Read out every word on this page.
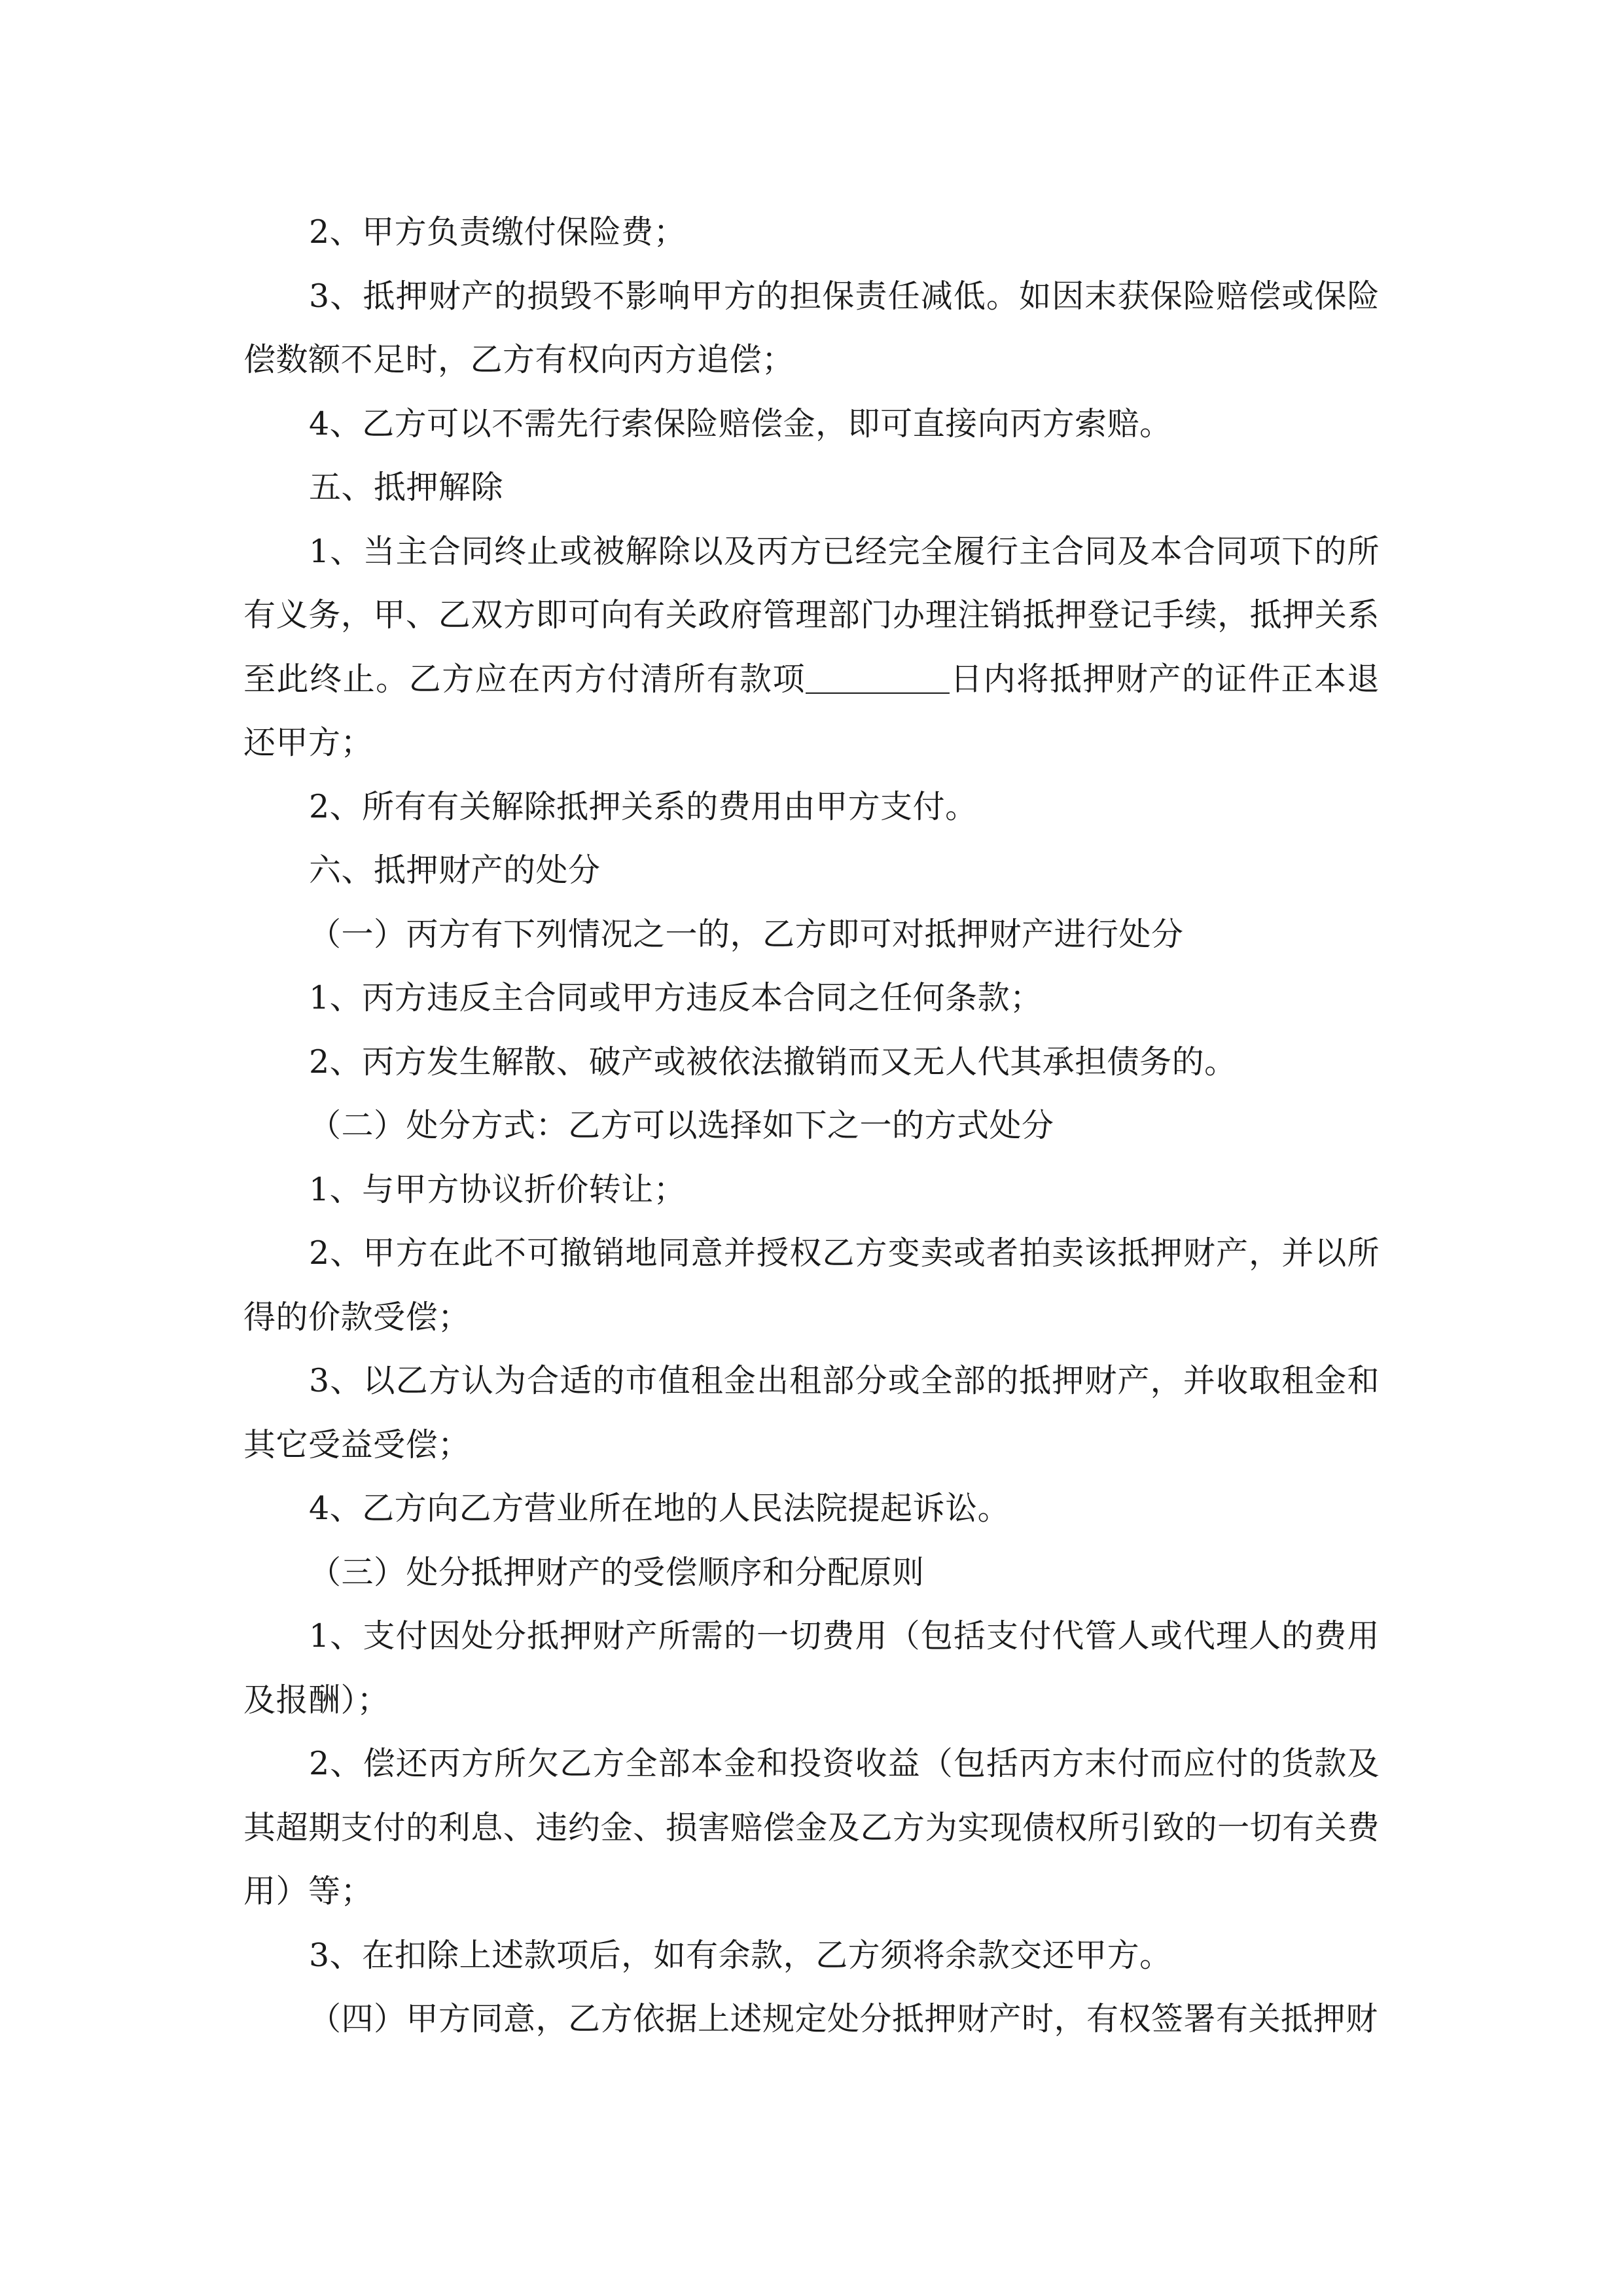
2、甲方负责缴付保险费；

3、抵押财产的损毁不影响甲方的担保责任减低。如因末获保险赔偿或保险偿数额不足时，乙方有权向丙方追偿；

4、乙方可以不需先行索保险赔偿金，即可直接向丙方索赔。

五、抵押解除

1、当主合同终止或被解除以及丙方已经完全履行主合同及本合同项下的所有义务，甲、乙双方即可向有关政府管理部门办理注销抵押登记手续，抵押关系至此终止。乙方应在丙方付清所有款项	日内将抵押财产的证件正本退还甲方；

2、所有有关解除抵押关系的费用由甲方支付。

六、抵押财产的处分

（一）丙方有下列情况之一的，乙方即可对抵押财产进行处分

1、丙方违反主合同或甲方违反本合同之任何条款；

2、丙方发生解散、破产或被依法撤销而又无人代其承担债务的。

（二）处分方式：乙方可以选择如下之一的方式处分

1、与甲方协议折价转让；

2、甲方在此不可撤销地同意并授权乙方变卖或者拍卖该抵押财产，并以所得的价款受偿；

3、以乙方认为合适的市值租金出租部分或全部的抵押财产，并收取租金和其它受益受偿；

4、乙方向乙方营业所在地的人民法院提起诉讼。

（三）处分抵押财产的受偿顺序和分配原则

1、支付因处分抵押财产所需的一切费用（包括支付代管人或代理人的费用及报酬）；

2、偿还丙方所欠乙方全部本金和投资收益（包括丙方末付而应付的货款及其超期支付的利息、违约金、损害赔偿金及乙方为实现债权所引致的一切有关费用）等；

3、在扣除上述款项后，如有余款，乙方须将余款交还甲方。

（四）甲方同意，乙方依据上述规定处分抵押财产时，有权签署有关抵押财
